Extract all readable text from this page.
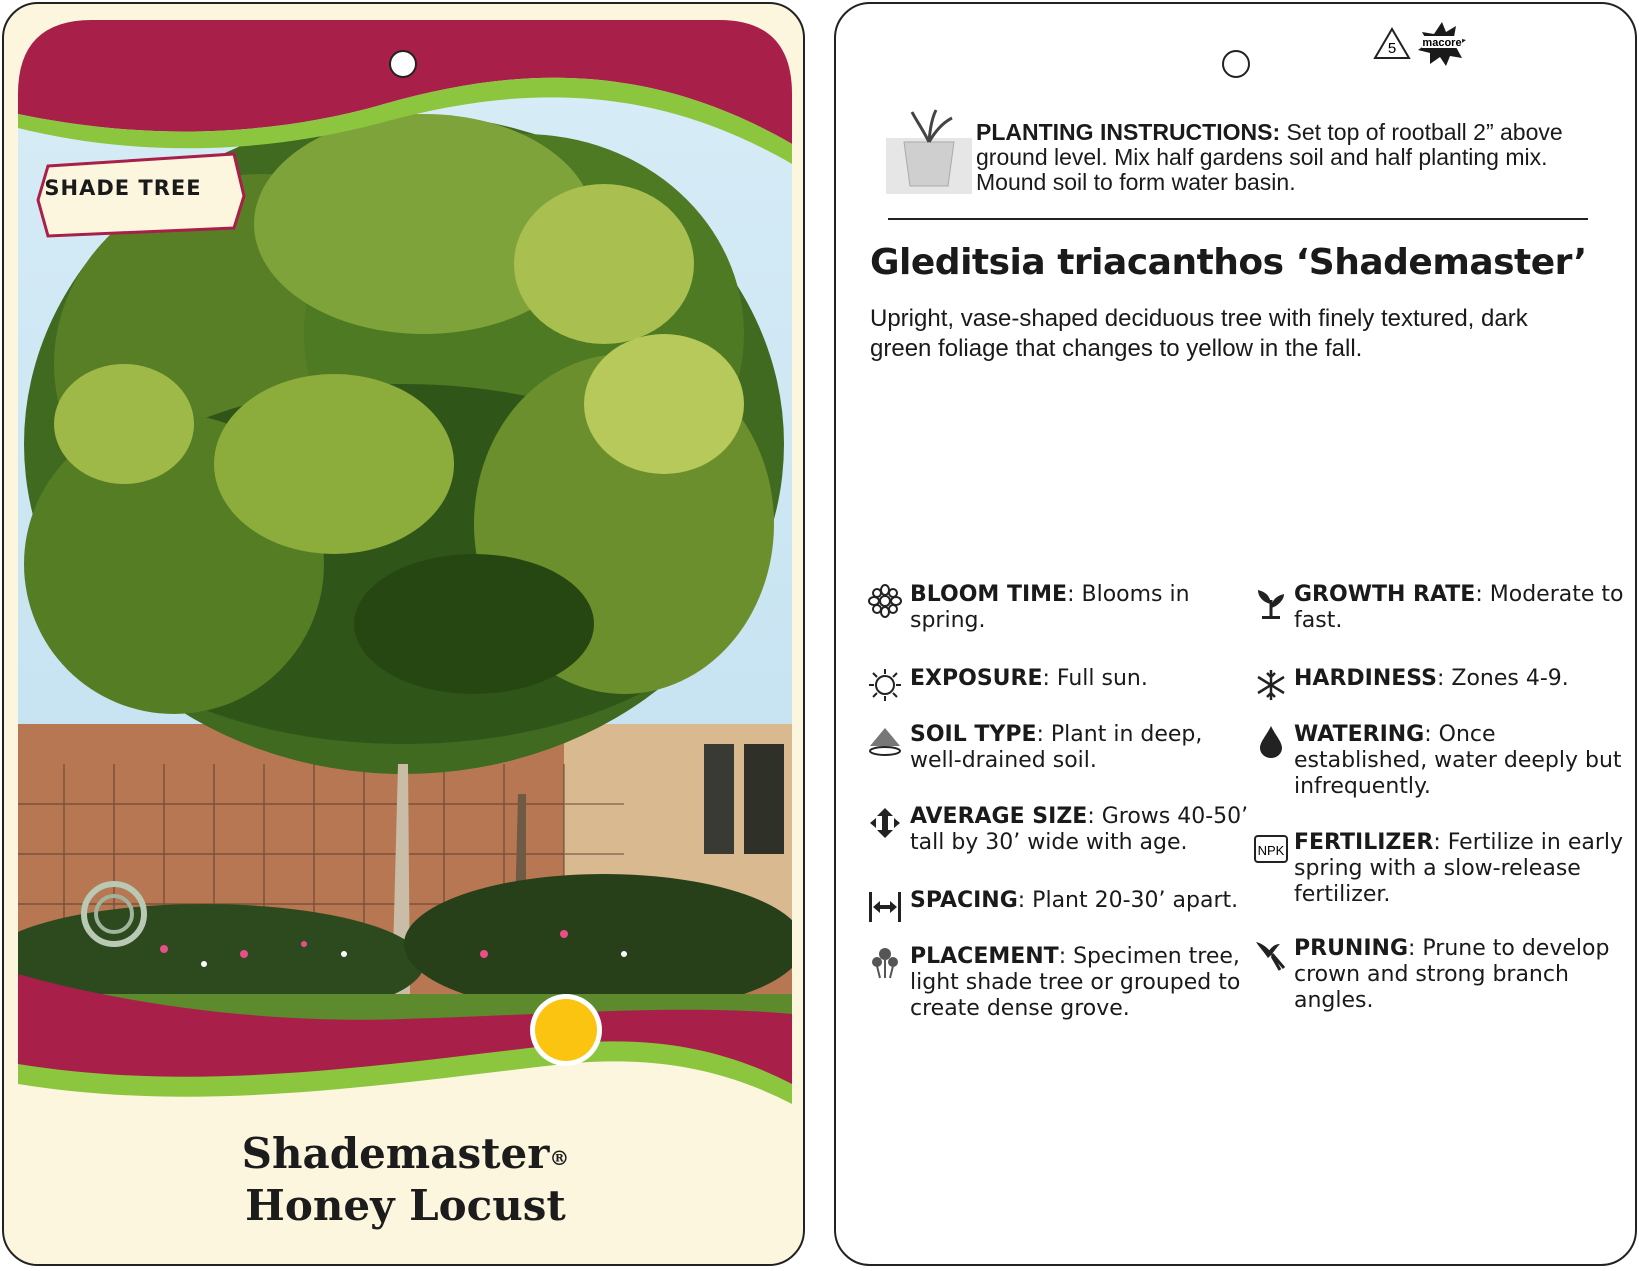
SHADE TREE
Shademaster®
Honey Locust
5 macore
PLANTING INSTRUCTIONS: Set top of rootball 2” above ground level. Mix half gardens soil and half planting mix. Mound soil to form water basin.
Gleditsia triacanthos ‘Shademaster’
Upright, vase-shaped deciduous tree with finely textured, dark green foliage that changes to yellow in the fall.
BLOOM TIME: Blooms in spring.
EXPOSURE: Full sun.
SOIL TYPE: Plant in deep, well-drained soil.
AVERAGE SIZE: Grows 40-50’ tall by 30’ wide with age.
SPACING: Plant 20-30’ apart.
PLACEMENT: Specimen tree, light shade tree or grouped to create dense grove.
GROWTH RATE: Moderate to fast.
HARDINESS: Zones 4-9.
WATERING: Once established, water deeply but infrequently.
NPK FERTILIZER: Fertilize in early spring with a slow-release fertilizer.
PRUNING: Prune to develop crown and strong branch angles.
